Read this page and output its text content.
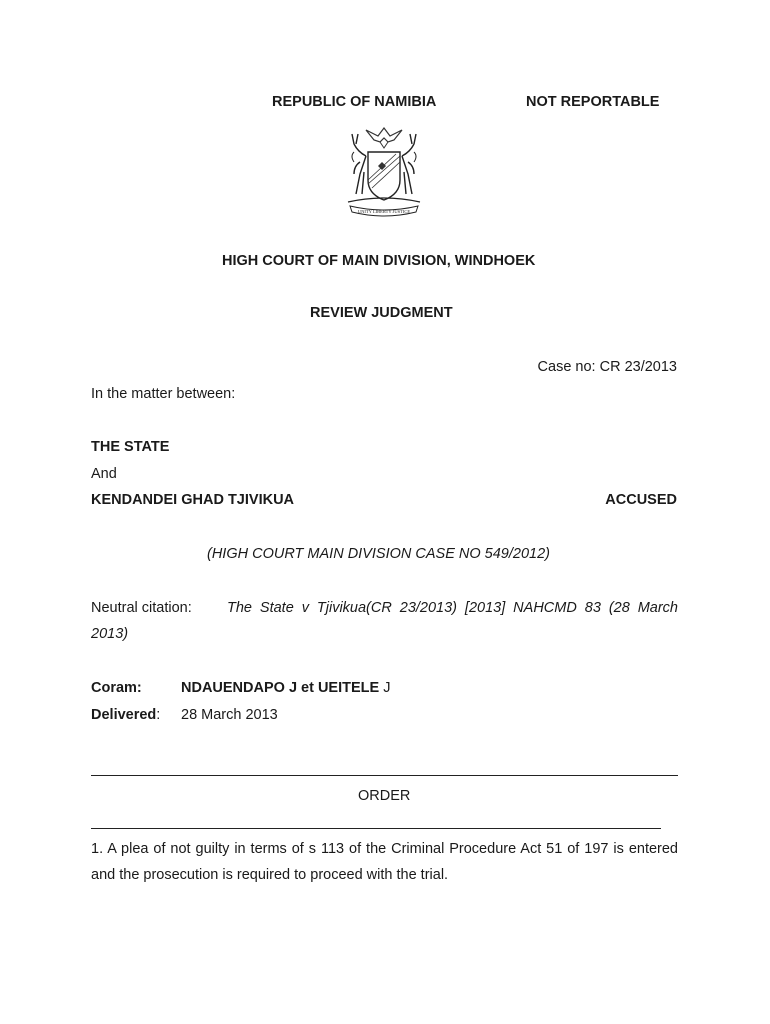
REPUBLIC OF NAMIBIA	NOT REPORTABLE
UNITY LIBERTY JUSTICE
HIGH COURT OF MAIN DIVISION, WINDHOEK
REVIEW JUDGMENT
Case no: CR 23/2013
In the matter between:
THE STATE
And
KENDANDEI GHAD TJIVIKUA	ACCUSED
(HIGH COURT MAIN DIVISION CASE NO 549/2012)
Neutral citation: The State v Tjivikua(CR 23/2013) [2013] NAHCMD 83 (28 March
2013)
Coram:	NDAUENDAPO J et UEITELE J
Delivered: 28 March 2013
ORDER
1. A plea of not guilty in terms of s 113 of the Criminal Procedure Act 51 of 197 is entered and the prosecution is required to proceed with the trial.
